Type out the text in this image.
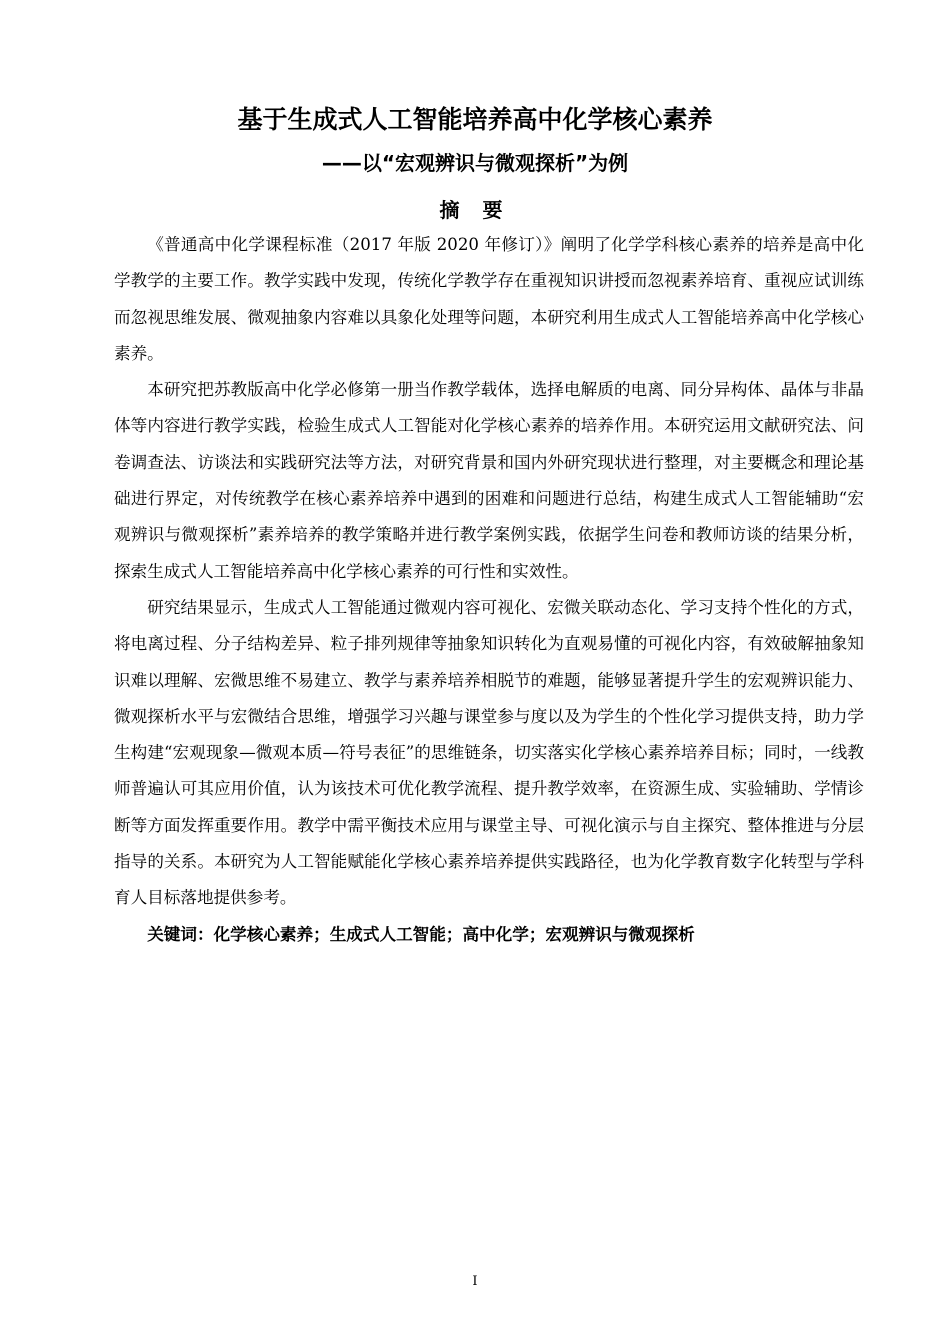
基于生成式人工智能培养高中化学核心素养
——以“宏观辨识与微观探析”为例
摘 要

《普通高中化学课程标准（2017 年版 2020 年修订）》阐明了化学学科核心素养的培养是高中化学教学的主要工作。教学实践中发现，传统化学教学存在重视知识讲授而忽视素养培育、重视应试训练而忽视思维发展、微观抽象内容难以具象化处理等问题，本研究利用生成式人工智能培养高中化学核心素养。

本研究把苏教版高中化学必修第一册当作教学载体，选择电解质的电离、同分异构体、晶体与非晶体等内容进行教学实践，检验生成式人工智能对化学核心素养的培养作用。本研究运用文献研究法、问卷调查法、访谈法和实践研究法等方法，对研究背景和国内外研究现状进行整理，对主要概念和理论基础进行界定，对传统教学在核心素养培养中遇到的困难和问题进行总结，构建生成式人工智能辅助“宏观辨识与微观探析”素养培养的教学策略并进行教学案例实践，依据学生问卷和教师访谈的结果分析，探索生成式人工智能培养高中化学核心素养的可行性和实效性。

研究结果显示，生成式人工智能通过微观内容可视化、宏微关联动态化、学习支持个性化的方式，将电离过程、分子结构差异、粒子排列规律等抽象知识转化为直观易懂的可视化内容，有效破解抽象知识难以理解、宏微思维不易建立、教学与素养培养相脱节的难题，能够显著提升学生的宏观辨识能力、微观探析水平与宏微结合思维，增强学习兴趣与课堂参与度以及为学生的个性化学习提供支持，助力学生构建“宏观现象—微观本质—符号表征”的思维链条，切实落实化学核心素养培养目标；同时，一线教师普遍认可其应用价值，认为该技术可优化教学流程、提升教学效率，在资源生成、实验辅助、学情诊断等方面发挥重要作用。教学中需平衡技术应用与课堂主导、可视化演示与自主探究、整体推进与分层指导的关系。本研究为人工智能赋能化学核心素养培养提供实践路径，也为化学教育数字化转型与学科育人目标落地提供参考。

关键词：化学核心素养；生成式人工智能；高中化学；宏观辨识与微观探析

I
